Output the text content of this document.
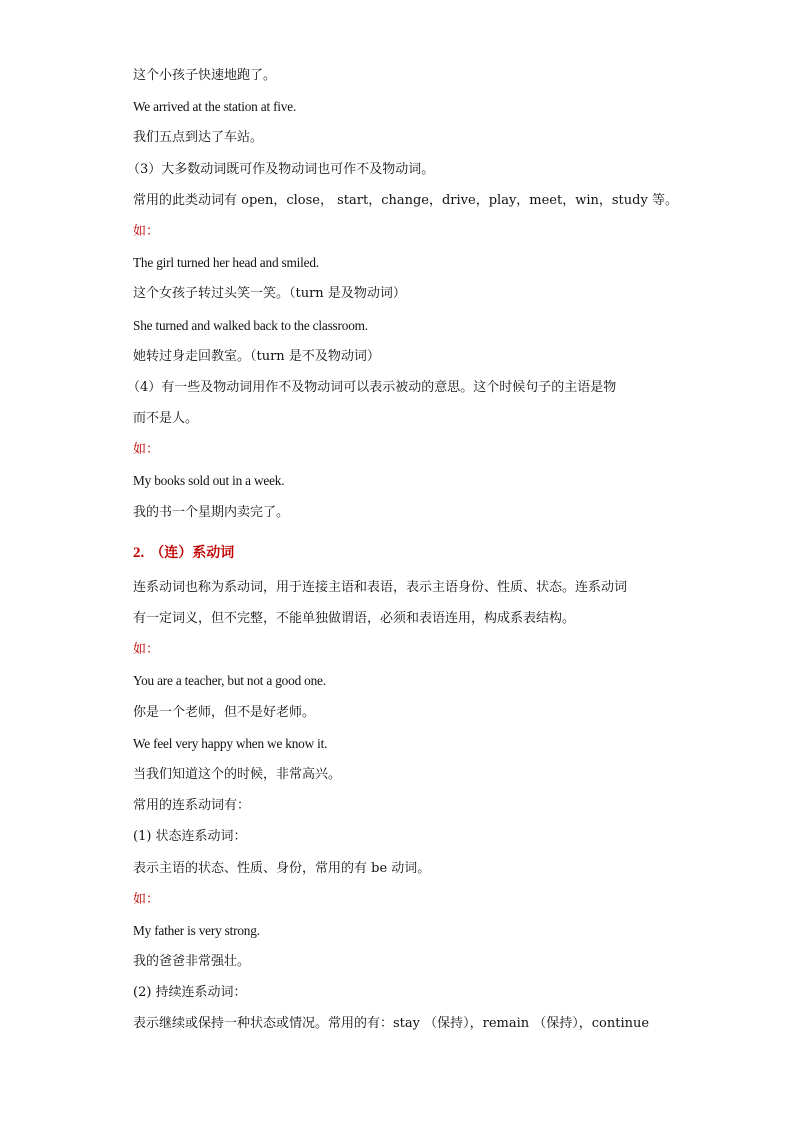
这个小孩子快速地跑了。
We arrived at the station at five.
我们五点到达了车站。
（3）大多数动词既可作及物动词也可作不及物动词。
常用的此类动词有 open，close， start，change，drive，play，meet，win，study 等。
如：
The girl turned her head and smiled.
这个女孩子转过头笑一笑。（turn 是及物动词）
She turned and walked back to the classroom.
她转过身走回教室。（turn 是不及物动词）
（4）有一些及物动词用作不及物动词可以表示被动的意思。这个时候句子的主语是物
而不是人。
如：
My books sold out in a week.
我的书一个星期内卖完了。
2. （连）系动词
连系动词也称为系动词，用于连接主语和表语，表示主语身份、性质、状态。连系动词
有一定词义，但不完整，不能单独做谓语，必须和表语连用，构成系表结构。
如：
You are a teacher, but not a good one.
你是一个老师，但不是好老师。
We feel very happy when we know it.
当我们知道这个的时候，非常高兴。
常用的连系动词有：
(1) 状态连系动词：
表示主语的状态、性质、身份，常用的有 be 动词。
如：
My father is very strong.
我的爸爸非常强壮。
(2) 持续连系动词：
表示继续或保持一种状态或情况。常用的有：stay （保持），remain （保持），continue
